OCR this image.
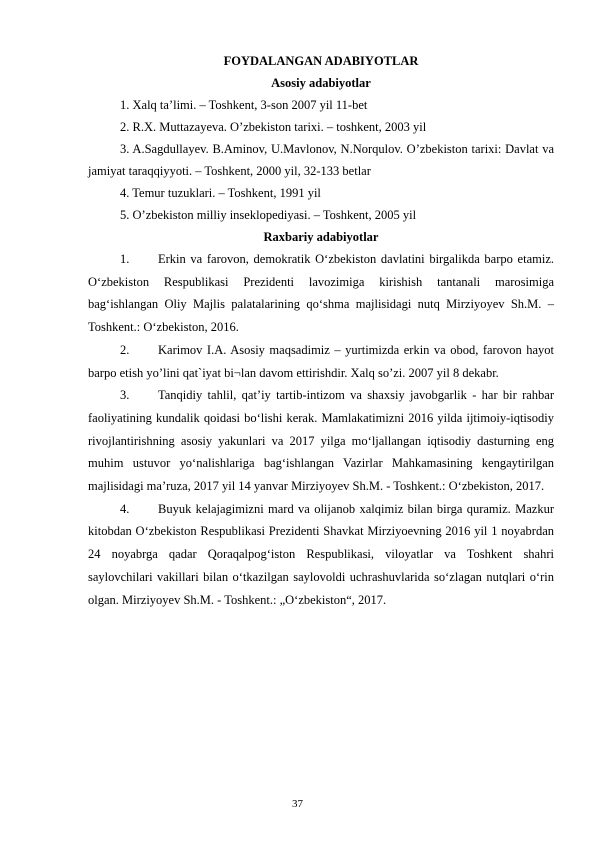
FOYDALANGAN ADABIYOTLAR

Asosiy adabiyotlar

1. Xalq ta’limi. – Toshkent, 3-son 2007 yil 11-bet

2. R.X. Muttazayeva. O’zbekiston tarixi. – toshkent, 2003 yil

3. A.Sagdullayev. B.Aminov, U.Mavlonov, N.Norqulov. O’zbekiston tarixi: Davlat va jamiyat taraqqiyyoti. – Toshkent, 2000 yil, 32-133 betlar

4. Temur tuzuklari. – Toshkent, 1991 yil

5. O’zbekiston milliy inseklopediyasi. – Toshkent, 2005 yil

Raxbariy adabiyotlar

1. Erkin va farovon, demokratik O‘zbekiston davlatini birgalikda barpo etamiz. O‘zbekiston Respublikasi Prezidenti lavozimiga kirishish tantanali marosimiga bag‘ishlangan Oliy Majlis palatalarining qo‘shma majlisidagi nutq Mirziyoyev Sh.M. – Toshkent.: O‘zbekiston, 2016.

2. Karimov I.A. Asosiy maqsadimiz – yurtimizda erkin va obod, farovon hayot barpo etish yo’lini qat`iyat bi¬lan davom ettirishdir. Xalq so’zi. 2007 yil 8 dekabr.

3. Tanqidiy tahlil, qat’iy tartib-intizom va shaxsiy javobgarlik - har bir rahbar faoliyatining kundalik qoidasi bo‘lishi kerak. Mamlakatimizni 2016 yilda ijtimoiy-iqtisodiy rivojlantirishning asosiy yakunlari va 2017 yilga mo‘ljallangan iqtisodiy dasturning eng muhim ustuvor yo‘nalishlariga bag‘ishlangan Vazirlar Mahkamasining kengaytirilgan majlisidagi ma’ruza, 2017 yil 14 yanvar Mirziyoyev Sh.M. - Toshkent.: O‘zbekiston, 2017.

4. Buyuk kelajagimizni mard va olijanob xalqimiz bilan birga quramiz. Mazkur kitobdan O‘zbekiston Respublikasi Prezidenti Shavkat Mirziyoevning 2016 yil 1 noyabrdan 24 noyabrga qadar Qoraqalpog‘iston Respublikasi, viloyatlar va Toshkent shahri saylovchilari vakillari bilan o‘tkazilgan saylovoldi uchrashuvlarida so‘zlagan nutqlari o‘rin olgan. Mirziyoyev Sh.M. - Toshkent.: „O‘zbekiston“, 2017.

37
